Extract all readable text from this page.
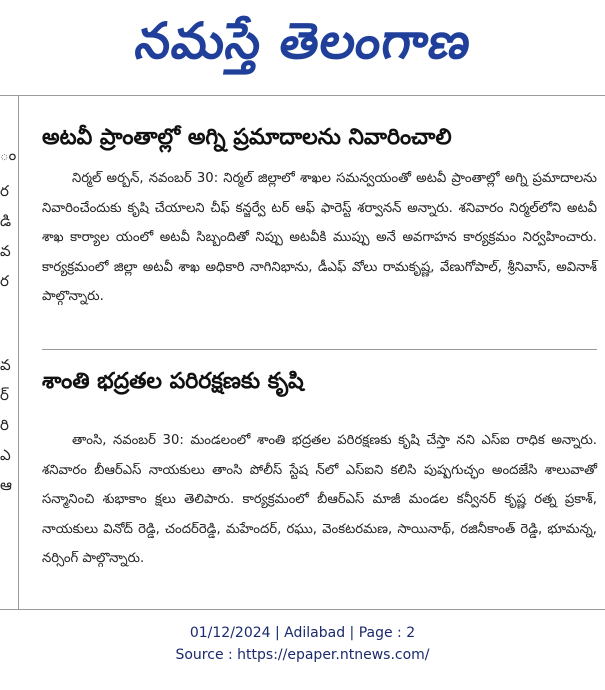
నమస్తే తెలంగాణ
ం
ర
డి
వ
ర
వ
ర్
రి
ఎ
ఆ
అటవీ ప్రాంతాల్లో అగ్ని ప్రమాదాలను నివారించాలి

నిర్మల్ అర్బన్, నవంబర్ 30: నిర్మల్ జిల్లాలో శాఖల సమన్వయంతో అటవీ ప్రాంతాల్లో అగ్ని ప్రమాదాలను నివారించేందుకు కృషి చేయాలని చీఫ్ కన్జర్వే టర్ ఆఫ్ ఫారెస్ట్ శర్వానన్ అన్నారు. శనివారం నిర్మల్‌లోని అటవీ శాఖ కార్యాల యంలో అటవీ సిబ్బందితో నిప్పు అటవీకి ముప్పు అనే అవగాహన కార్యక్రమం నిర్వహించారు. కార్యక్రమంలో జిల్లా అటవీ శాఖ అధికారి నాగినిభాను, డీఎఫ్ వోలు రామకృష్ణ, వేణుగోపాల్, శ్రీనివాస్, అవినాశ్ పాల్గొన్నారు.

శాంతి భద్రతల పరిరక్షణకు కృషి

తాంసి, నవంబర్ 30: మండలంలో శాంతి భద్రతల పరిరక్షణకు కృషి చేస్తా నని ఎస్ఐ రాధిక అన్నారు. శనివారం బీఆర్ఎస్ నాయకులు తాంసి పోలీస్ స్టేష న్‌లో ఎస్ఐని కలిసి పుష్పగుచ్ఛం అందజేసి శాలువాతో సన్మానించి శుభాకాం క్షలు తెలిపారు. కార్యక్రమంలో బీఆర్ఎస్ మాజీ మండల కన్వీనర్ కృష్ణ రత్న ప్రకాశ్, నాయకులు వినోద్ రెడ్డి, చందర్‌రెడ్డి, మహేందర్, రఘు, వెంకటరమణ, సాయినాథ్, రజినీకాంత్ రెడ్డి, భూమన్న, నర్సింగ్ పాల్గొన్నారు.

01/12/2024 | Adilabad | Page : 2
Source : https://epaper.ntnews.com/
